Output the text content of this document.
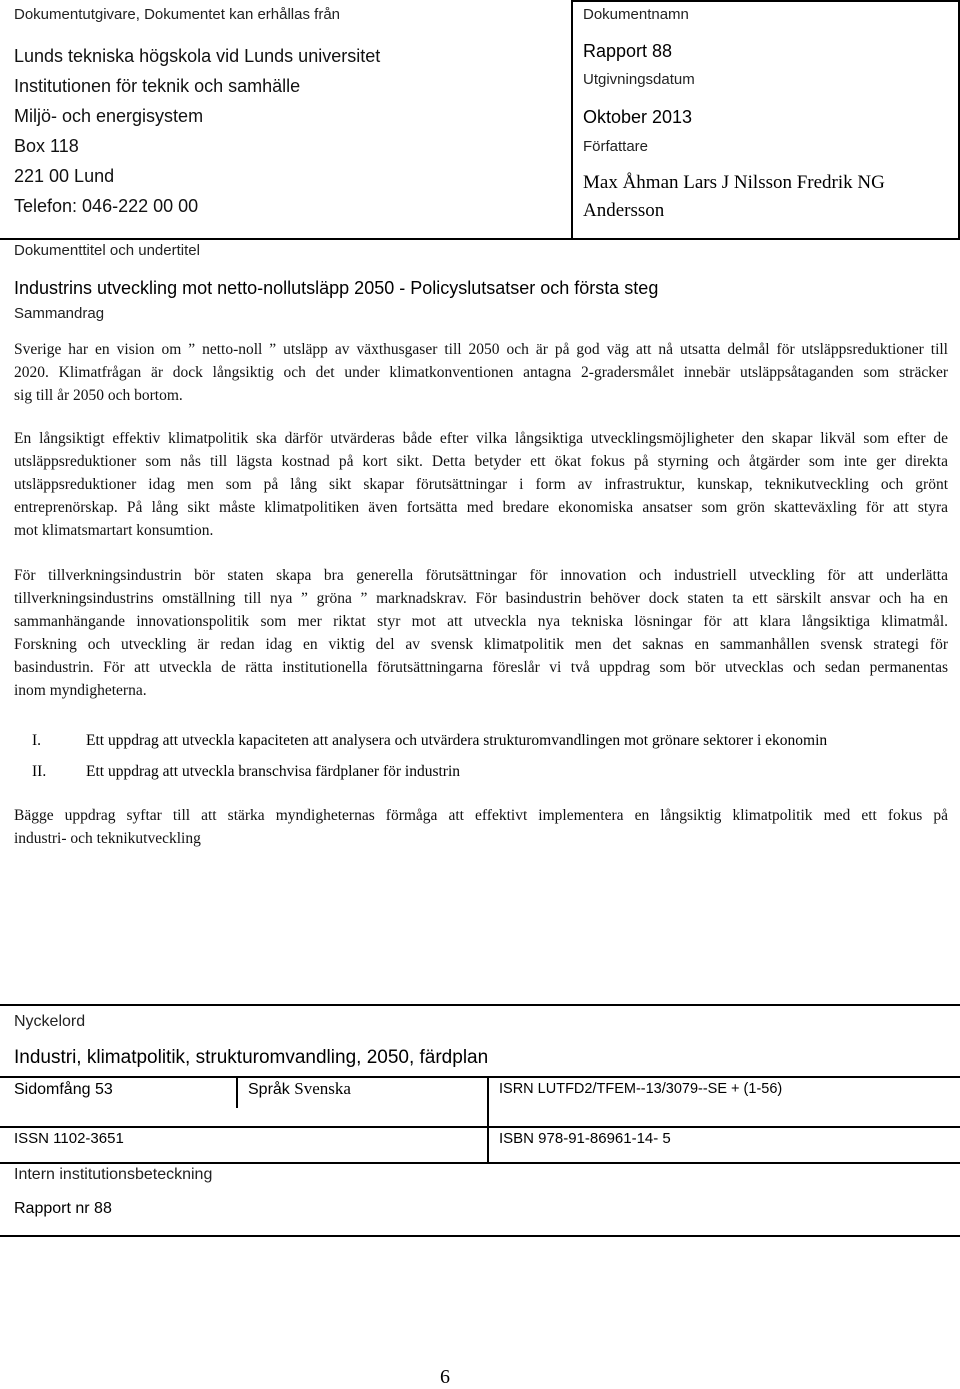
Dokumentutgivare, Dokumentet kan erhållas från
Lunds tekniska högskola vid Lunds universitet
Institutionen för teknik och samhälle
Miljö- och energisystem
Box 118
221 00 Lund
Telefon: 046-222 00 00
Dokumentnamn
Rapport 88
Utgivningsdatum
Oktober 2013
Författare
Max Åhman Lars J Nilsson Fredrik NG
Andersson
Dokumenttitel och undertitel
Industrins utveckling mot netto-nollutsläpp 2050 - Policyslutsatser och första steg
Sammandrag
Sverige har en vision om ” netto-noll ” utsläpp av växthusgaser till 2050 och är på god väg att nå utsatta delmål för utsläppsreduktioner till
2020. Klimatfrågan är dock långsiktig och det under klimatkonventionen antagna 2-gradersmålet innebär utsläppsåtaganden som sträcker
sig till år 2050 och bortom.
En långsiktigt effektiv klimatpolitik ska därför utvärderas både efter vilka långsiktiga utvecklingsmöjligheter den skapar likväl som efter de
utsläppsreduktioner som nås till lägsta kostnad på kort sikt. Detta betyder ett ökat fokus på styrning och åtgärder som inte ger direkta
utsläppsreduktioner idag men som på lång sikt skapar förutsättningar i form av infrastruktur, kunskap, teknikutveckling och grönt
entreprenörskap. På lång sikt måste klimatpolitiken även fortsätta med bredare ekonomiska ansatser som grön skatteväxling för att styra
mot klimatsmartart konsumtion.
För tillverkningsindustrin bör staten skapa bra generella förutsättningar för innovation och industriell utveckling för att underlätta
tillverkningsindustrins omställning till nya ” gröna ” marknadskrav. För basindustrin behöver dock staten ta ett särskilt ansvar och ha en
sammanhängande innovationspolitik som mer riktat styr mot att utveckla nya tekniska lösningar för att klara långsiktiga klimatmål.
Forskning och utveckling är redan idag en viktig del av svensk klimatpolitik men det saknas en sammanhållen svensk strategi för
basindustrin. För att utveckla de rätta institutionella förutsättningarna föreslår vi två uppdrag som bör utvecklas och sedan permanentas
inom myndigheterna.
I.	Ett uppdrag att utveckla kapaciteten att analysera och utvärdera strukturomvandlingen mot grönare sektorer i ekonomin
II.	Ett uppdrag att utveckla branschvisa färdplaner för industrin
Bägge uppdrag syftar till att stärka myndigheternas förmåga att effektivt implementera en långsiktig klimatpolitik med ett fokus på
industri- och teknikutveckling
Nyckelord
Industri, klimatpolitik, strukturomvandling, 2050, färdplan
Sidomfång 53	Språk Svenska	ISRN LUTFD2/TFEM--13/3079--SE + (1-56)
ISSN 1102-3651	ISBN 978-91-86961-14- 5
Intern institutionsbeteckning
Rapport nr 88
6
